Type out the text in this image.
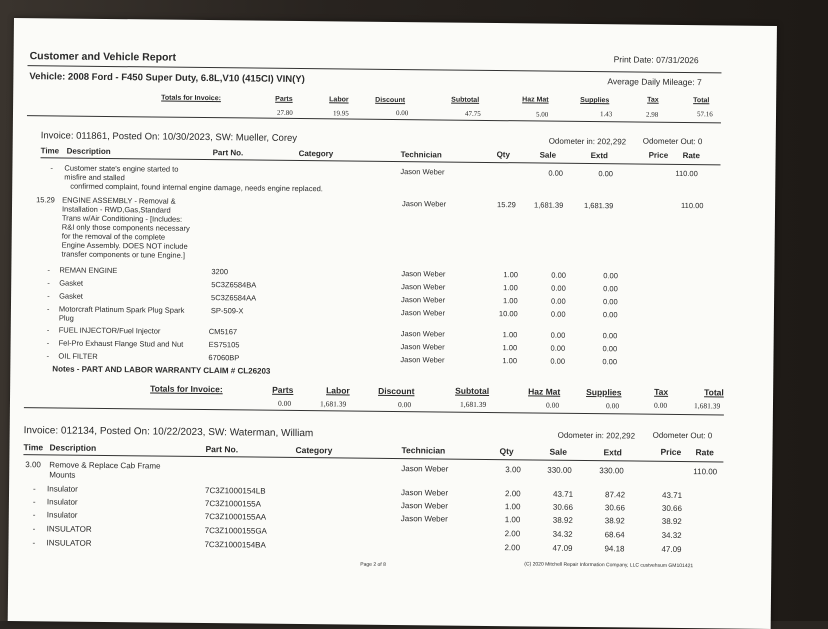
Customer and Vehicle Report	Print Date: 07/31/2026
Vehicle: 2008 Ford - F450 Super Duty, 6.8L,V10 (415CI) VIN(Y)	Average Daily Mileage: 7
Totals for Invoice:	Parts	Labor	Discount	Subtotal	Haz Mat	Supplies	Tax	Total
27.80	19.95	0.00	47.75	5.00	1.43	2.98	57.16
Invoice: 011861, Posted On: 10/30/2023, SW: Mueller, Corey	Odometer in: 202,292 Odometer Out: 0
Time Description	Part No.	Category	Technician	Qty	Sale	Extd	Price Rate
- Customer state's engine started to
misfire and stalled
confirmed complaint, found internal engine damage, needs engine replaced.
Jason Weber	0.00	0.00	110.00
15.29 ENGINE ASSEMBLY - Removal &
Installation - RWD,Gas,Standard
Trans w/Air Conditioning - [Includes:
R&I only those components necessary
for the removal of the complete
Engine Assembly. DOES NOT include
transfer components or tune Engine.]
Jason Weber	15.29 1,681.39	1,681.39	110.00
- REMAN ENGINE	3200	Jason Weber	1.00	0.00	0.00
- Gasket	5C3Z6584BA	Jason Weber	1.00	0.00	0.00
- Gasket	5C3Z6584AA	Jason Weber	1.00	0.00	0.00
- Motorcraft Platinum Spark Plug Spark
Plug
SP-509-X	Jason Weber	10.00	0.00	0.00
- FUEL INJECTOR/Fuel Injector	CM5167	Jason Weber	1.00	0.00	0.00
- Fel-Pro Exhaust Flange Stud and Nut	ES75105	Jason Weber	1.00	0.00	0.00
- OIL FILTER	67060BP	Jason Weber	1.00	0.00	0.00
Notes - PART AND LABOR WARRANTY CLAIM # CL26203
Totals for Invoice:	Parts	Labor	Discount	Subtotal	Haz Mat	Supplies	Tax	Total
0.00	1,681.39	0.00	1,681.39	0.00	0.00	0.00	1,681.39
Invoice: 012134, Posted On: 10/22/2023, SW: Waterman, William	Odometer in: 202,292 Odometer Out: 0
Time Description	Part No.	Category	Technician	Qty	Sale	Extd	Price Rate
3.00 Remove & Replace Cab Frame
Mounts
Jason Weber	3.00	330.00	330.00	110.00
- Insulator	7C3Z1000154LB	Jason Weber	2.00	43.71	87.42	43.71
- Insulator	7C3Z1000155A	Jason Weber	1.00	30.66	30.66	30.66
- Insulator	7C3Z1000155AA	Jason Weber	1.00	38.92	38.92	38.92
- INSULATOR	7C3Z1000155GA	2.00	34.32	68.64	34.32
- INSULATOR	7C3Z1000154BA	2.00	47.09	94.18	47.09
Page 2 of 8	(C) 2020 Mitchell Repair Information Company, LLC custvehsum GM101421
